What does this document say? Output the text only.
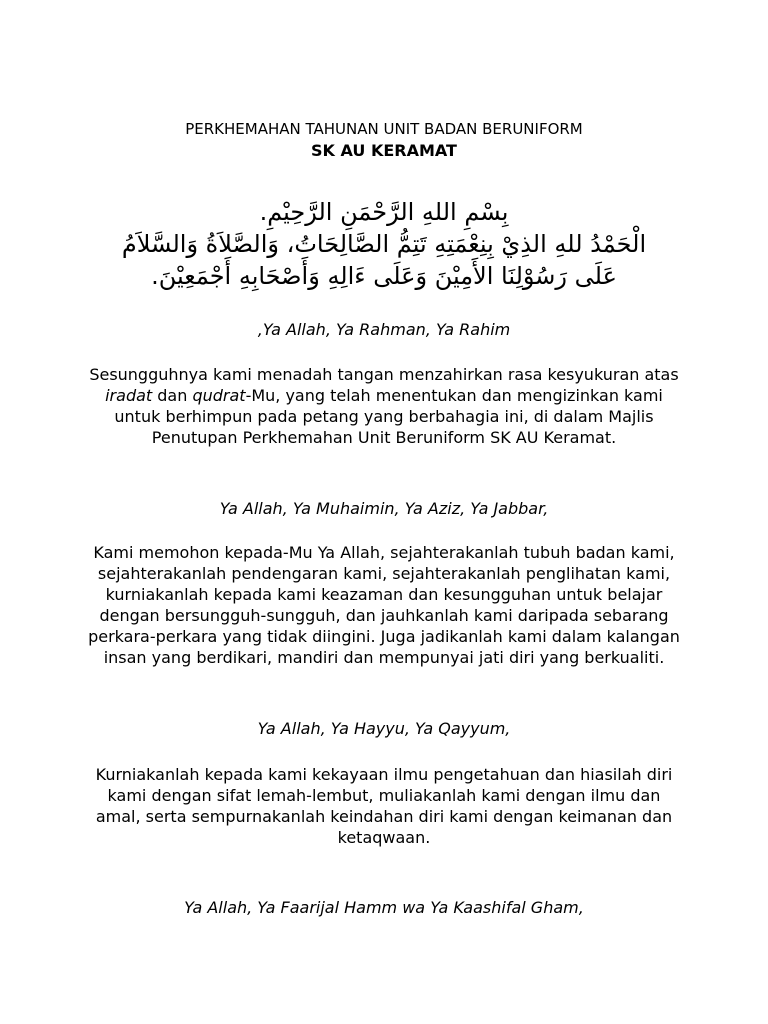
PERKHEMAHAN TAHUNAN UNIT BADAN BERUNIFORM
SK AU KERAMAT
بِسْمِ اللهِ الرَّحْمَنِ الرَّحِيْمِ.
الْحَمْدُ للهِ الذِيْ بِنِعْمَتِهِ تَتِمُّ الصَّالِحَاتُ، وَالصَّلاَةُ وَالسَّلاَمُ
عَلَى رَسُوْلِنَا الأَمِيْنَ وَعَلَى ءَالِهِ وَأَصْحَابِهِ أَجْمَعِيْنَ.
,Ya Allah, Ya Rahman, Ya Rahim
Sesungguhnya kami menadah tangan menzahirkan rasa kesyukuran atas iradat dan qudrat-Mu, yang telah menentukan dan mengizinkan kami untuk berhimpun pada petang yang berbahagia ini, di dalam Majlis Penutupan Perkhemahan Unit Beruniform SK AU Keramat.
Ya Allah, Ya Muhaimin, Ya Aziz, Ya Jabbar,
Kami memohon kepada-Mu Ya Allah, sejahterakanlah tubuh badan kami, sejahterakanlah pendengaran kami, sejahterakanlah penglihatan kami, kurniakanlah kepada kami keazaman dan kesungguhan untuk belajar dengan bersungguh-sungguh, dan jauhkanlah kami daripada sebarang perkara-perkara yang tidak diingini. Juga jadikanlah kami dalam kalangan insan yang berdikari, mandiri dan mempunyai jati diri yang berkualiti.
Ya Allah, Ya Hayyu, Ya Qayyum,
Kurniakanlah kepada kami kekayaan ilmu pengetahuan dan hiasilah diri kami dengan sifat lemah-lembut, muliakanlah kami dengan ilmu dan amal, serta sempurnakanlah keindahan diri kami dengan keimanan dan ketaqwaan.
Ya Allah, Ya Faarijal Hamm wa Ya Kaashifal Gham,
